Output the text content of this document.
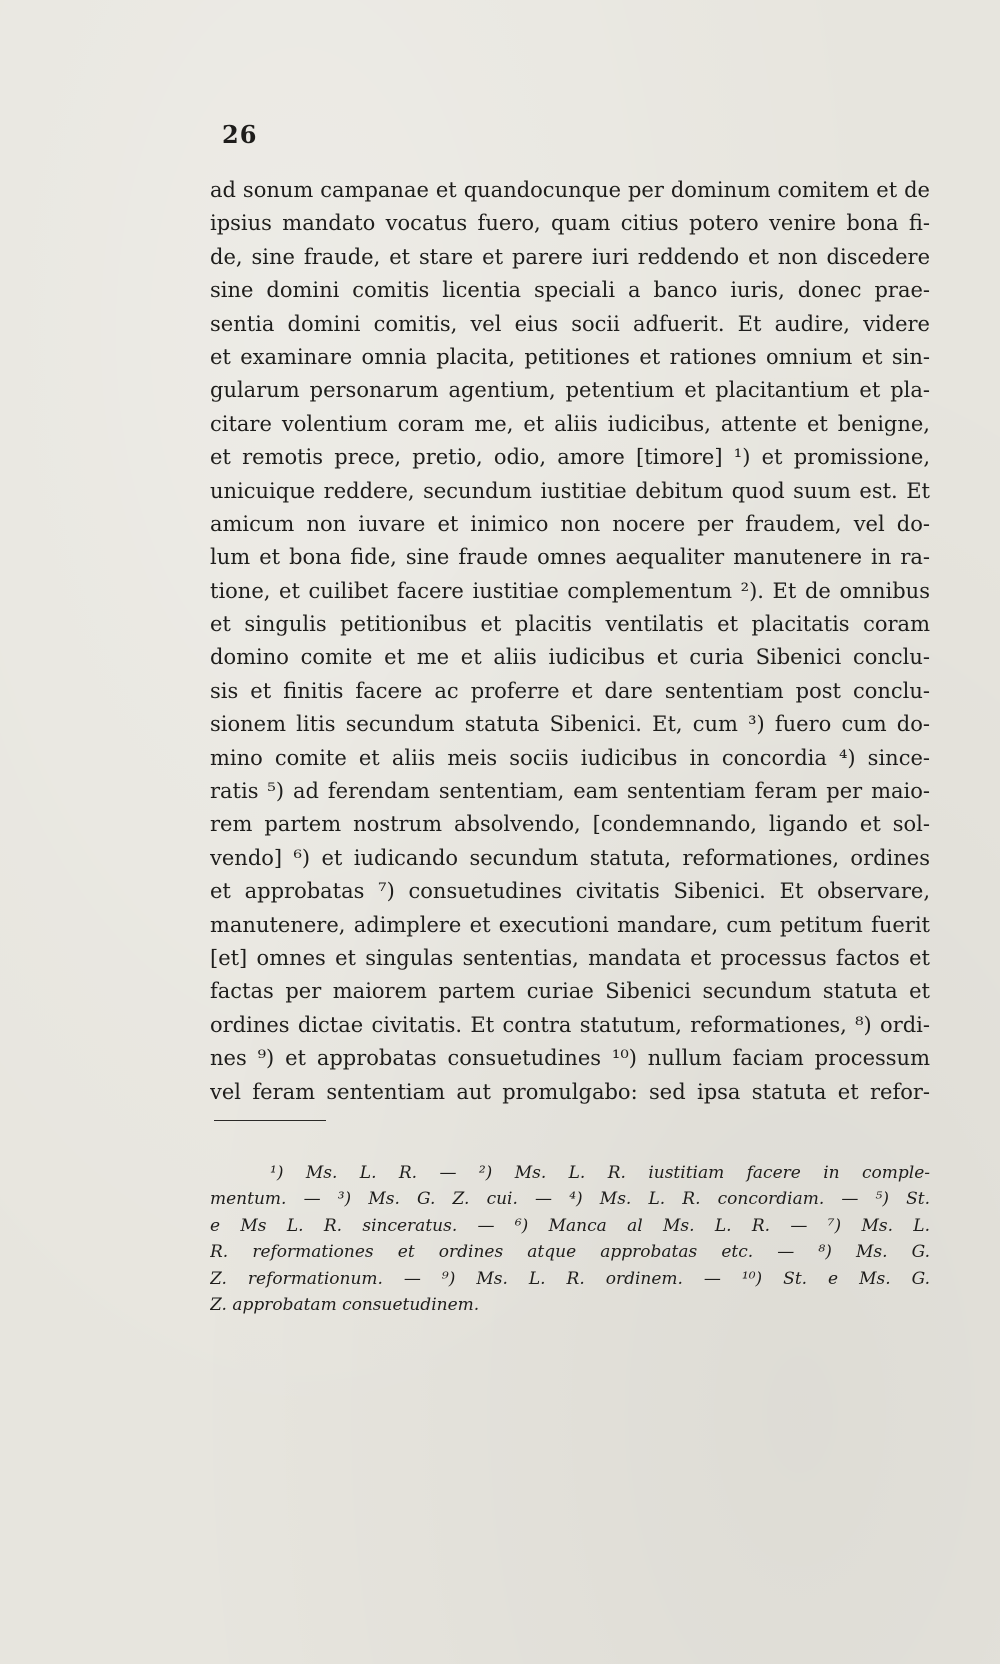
26
ad sonum campanae et quandocunque per dominum comitem et de
ipsius mandato vocatus fuero, quam citius potero venire bona fi-
de, sine fraude, et stare et parere iuri reddendo et non discedere
sine domini comitis licentia speciali a banco iuris, donec prae-
sentia domini comitis, vel eius socii adfuerit. Et audire, videre
et examinare omnia placita, petitiones et rationes omnium et sin-
gularum personarum agentium, petentium et placitantium et pla-
citare volentium coram me, et aliis iudicibus, attente et benigne,
et remotis prece, pretio, odio, amore [timore] ¹) et promissione,
unicuique reddere, secundum iustitiae debitum quod suum est. Et
amicum non iuvare et inimico non nocere per fraudem, vel do-
lum et bona fide, sine fraude omnes aequaliter manutenere in ra-
tione, et cuilibet facere iustitiae complementum ²). Et de omnibus
et singulis petitionibus et placitis ventilatis et placitatis coram
domino comite et me et aliis iudicibus et curia Sibenici conclu-
sis et finitis facere ac proferre et dare sententiam post conclu-
sionem litis secundum statuta Sibenici. Et, cum ³) fuero cum do-
mino comite et aliis meis sociis iudicibus in concordia ⁴) since-
ratis ⁵) ad ferendam sententiam, eam sententiam feram per maio-
rem partem nostrum absolvendo, [condemnando, ligando et sol-
vendo] ⁶) et iudicando secundum statuta, reformationes, ordines
et approbatas ⁷) consuetudines civitatis Sibenici. Et observare,
manutenere, adimplere et executioni mandare, cum petitum fuerit
[et] omnes et singulas sententias, mandata et processus factos et
factas per maiorem partem curiae Sibenici secundum statuta et
ordines dictae civitatis. Et contra statutum, reformationes, ⁸) ordi-
nes ⁹) et approbatas consuetudines ¹⁰) nullum faciam processum
vel feram sententiam aut promulgabo: sed ipsa statuta et refor-
¹) Ms. L. R. — ²) Ms. L. R. iustitiam facere in comple-
mentum. — ³) Ms. G. Z. cui. — ⁴) Ms. L. R. concordiam. — ⁵) St.
e Ms L. R. sinceratus. — ⁶) Manca al Ms. L. R. — ⁷) Ms. L.
R. reformationes et ordines atque approbatas etc. — ⁸) Ms. G.
Z. reformationum. — ⁹) Ms. L. R. ordinem. — ¹⁰) St. e Ms. G.
Z. approbatam consuetudinem.
